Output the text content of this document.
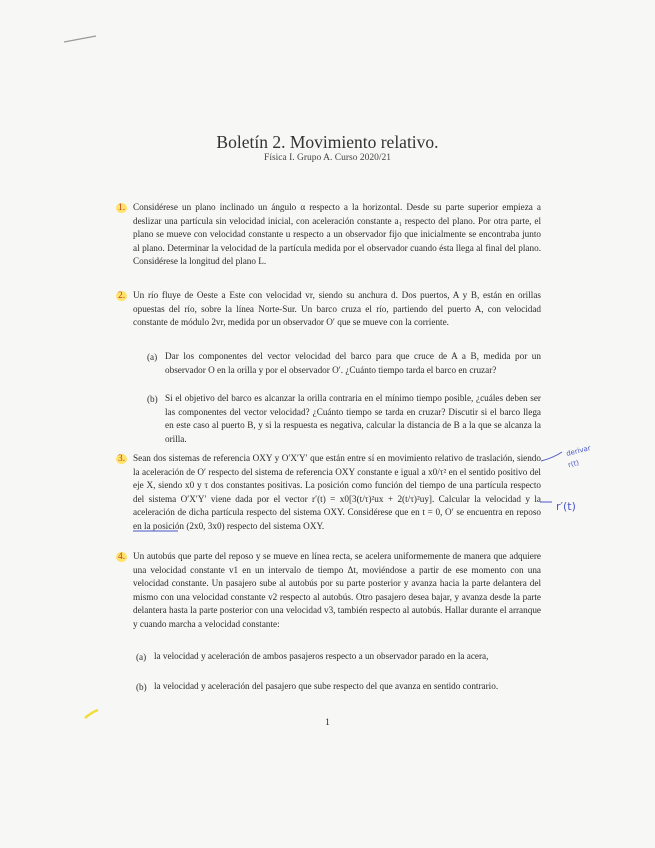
Boletín 2. Movimiento relativo.
Física I. Grupo A. Curso 2020/21
1. Considérese un plano inclinado un ángulo α respecto a la horizontal. Desde su parte superior empieza a deslizar una partícula sin velocidad inicial, con aceleración constante a₁ respecto del plano. Por otra parte, el plano se mueve con velocidad constante u respecto a un observador fijo que inicialmente se encontraba junto al plano. Determinar la velocidad de la partícula medida por el observador cuando ésta llega al final del plano. Considérese la longitud del plano L.
2. Un río fluye de Oeste a Este con velocidad vr, siendo su anchura d. Dos puertos, A y B, están en orillas opuestas del río, sobre la línea Norte-Sur. Un barco cruza el río, partiendo del puerto A, con velocidad constante de módulo 2vr, medida por un observador O′ que se mueve con la corriente.
(a) Dar los componentes del vector velocidad del barco para que cruce de A a B, medida por un observador O en la orilla y por el observador O′. ¿Cuánto tiempo tarda el barco en cruzar?
(b) Si el objetivo del barco es alcanzar la orilla contraria en el mínimo tiempo posible, ¿cuáles deben ser las componentes del vector velocidad? ¿Cuánto tiempo se tarda en cruzar? Discutir si el barco llega en este caso al puerto B, y si la respuesta es negativa, calcular la distancia de B a la que se alcanza la orilla.
3. Sean dos sistemas de referencia OXY y O′X′Y′ que están entre sí en movimiento relativo de traslación, siendo la aceleración de O′ respecto del sistema de referencia OXY constante e igual a x0/τ² en el sentido positivo del eje X, siendo x0 y τ dos constantes positivas. La posición como función del tiempo de una partícula respecto del sistema O′X′Y′ viene dada por el vector r′(t) = x0[3(t/τ)²ux + 2(t/τ)²uy]. Calcular la velocidad y la aceleración de dicha partícula respecto del sistema OXY. Considérese que en t = 0, O′ se encuentra en reposo en la posición (2x0, 3x0) respecto del sistema OXY.
4. Un autobús que parte del reposo y se mueve en línea recta, se acelera uniformemente de manera que adquiere una velocidad constante v1 en un intervalo de tiempo Δt, moviéndose a partir de ese momento con una velocidad constante. Un pasajero sube al autobús por su parte posterior y avanza hacia la parte delantera del mismo con una velocidad constante v2 respecto al autobús. Otro pasajero desea bajar, y avanza desde la parte delantera hasta la parte posterior con una velocidad v3, también respecto al autobús. Hallar durante el arranque y cuando marcha a velocidad constante:
(a) la velocidad y aceleración de ambos pasajeros respecto a un observador parado en la acera,
(b) la velocidad y aceleración del pasajero que sube respecto del que avanza en sentido contrario.
derivar
r(t)
r′(t)
1
